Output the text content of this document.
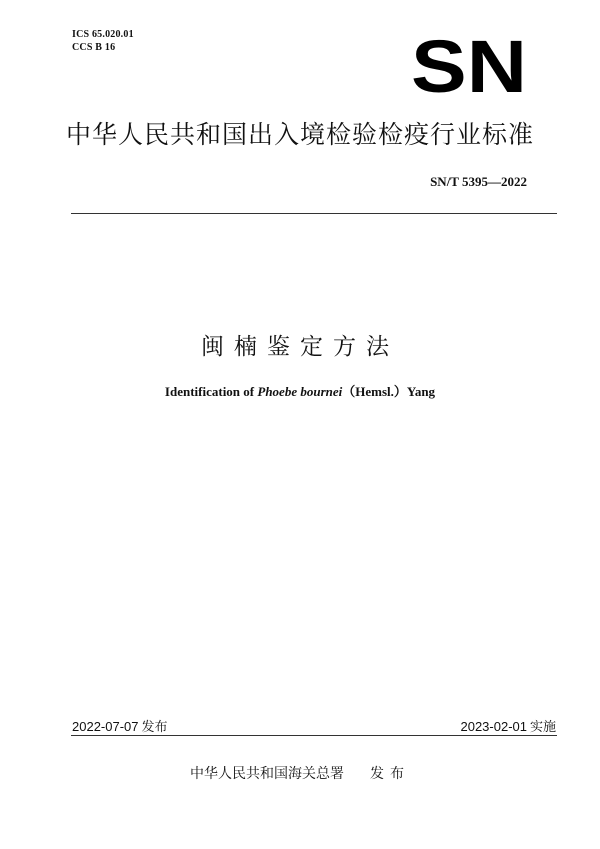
ICS 65.020.01
CCS B 16	SN
中华人民共和国出入境检验检疫行业标准
SN/T 5395—2022
闽楠鉴定方法
Identification of Phoebe bournei（Hemsl.）Yang
2022-07-07 发布	2023-02-01 实施
中华人民共和国海关总署 发布
